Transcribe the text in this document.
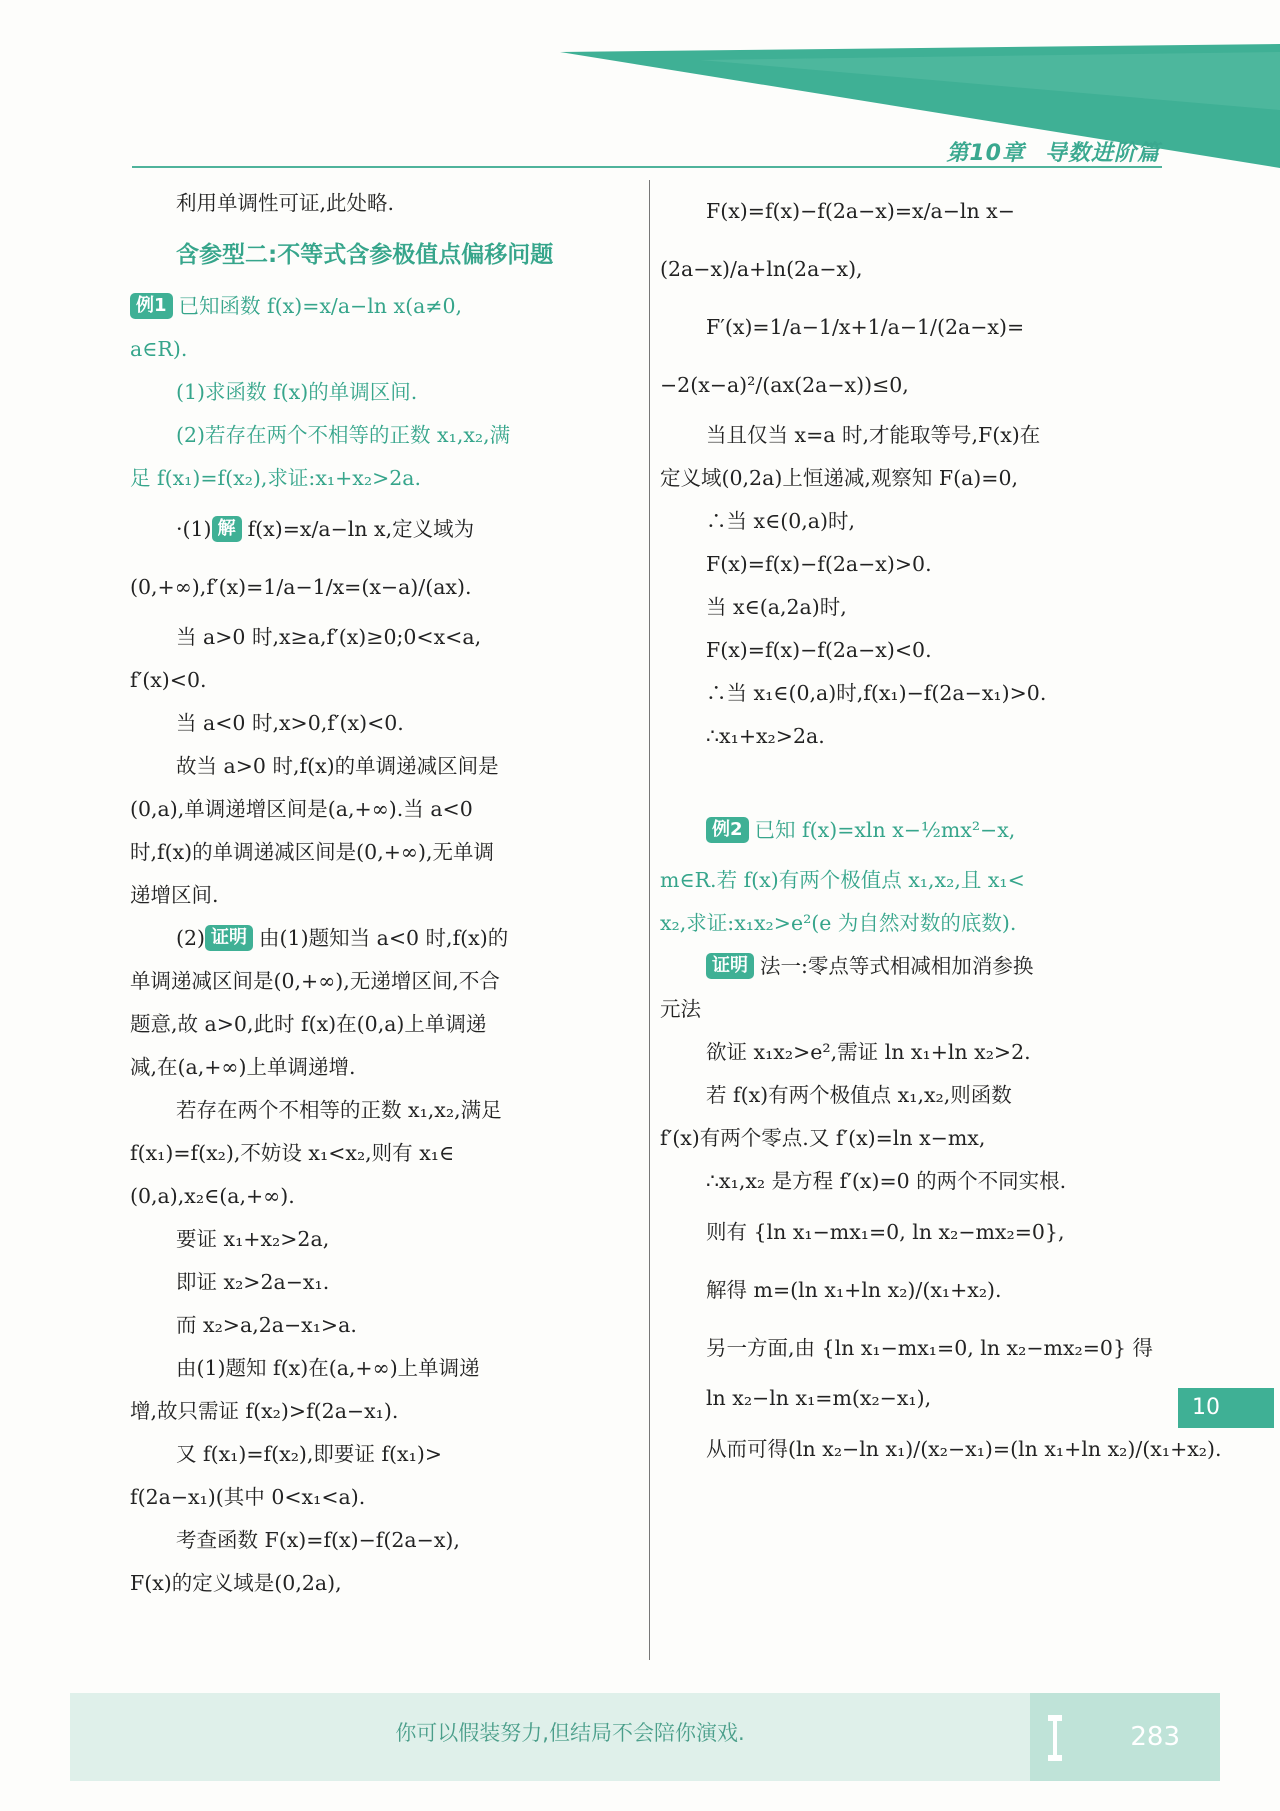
第10章 导数进阶篇
利用单调性可证,此处略.
含参型二:不等式含参极值点偏移问题
例1 已知函数 f(x)=x/a−ln x(a≠0,
a∈R).
(1)求函数 f(x)的单调区间.
(2)若存在两个不相等的正数 x₁,x₂,满
足 f(x₁)=f(x₂),求证:x₁+x₂>2a.
·(1) 解 f(x)=x/a−ln x,定义域为
(0,+∞),f′(x)=1/a−1/x=(x−a)/(ax).
当 a>0 时,x≥a,f′(x)≥0;0<x<a,
f′(x)<0.
当 a<0 时,x>0,f′(x)<0.
故当 a>0 时,f(x)的单调递减区间是
(0,a),单调递增区间是(a,+∞).当 a<0
时,f(x)的单调递减区间是(0,+∞),无单调
递增区间.
(2) 证明 由(1)题知当 a<0 时,f(x)的
单调递减区间是(0,+∞),无递增区间,不合
题意,故 a>0,此时 f(x)在(0,a)上单调递
减,在(a,+∞)上单调递增.
若存在两个不相等的正数 x₁,x₂,满足
f(x₁)=f(x₂),不妨设 x₁<x₂,则有 x₁∈
(0,a),x₂∈(a,+∞).
要证 x₁+x₂>2a,
即证 x₂>2a−x₁.
而 x₂>a,2a−x₁>a.
由(1)题知 f(x)在(a,+∞)上单调递
增,故只需证 f(x₂)>f(2a−x₁).
又 f(x₁)=f(x₂),即要证 f(x₁)>
f(2a−x₁)(其中 0<x₁<a).
考查函数 F(x)=f(x)−f(2a−x),
F(x)的定义域是(0,2a),
F(x)=f(x)−f(2a−x)=x/a−ln x−
(2a−x)/a+ln(2a−x),
F′(x)=1/a−1/x+1/a−1/(2a−x)=
−2(x−a)²/(ax(2a−x))≤0,
当且仅当 x=a 时,才能取等号,F(x)在
定义域(0,2a)上恒递减,观察知 F(a)=0,
∴当 x∈(0,a)时,
F(x)=f(x)−f(2a−x)>0.
当 x∈(a,2a)时,
F(x)=f(x)−f(2a−x)<0.
∴当 x₁∈(0,a)时,f(x₁)−f(2a−x₁)>0.
∴x₁+x₂>2a.
例2 已知 f(x)=xln x−½mx²−x,
m∈R.若 f(x)有两个极值点 x₁,x₂,且 x₁<
x₂,求证:x₁x₂>e²(e 为自然对数的底数).
证明 法一:零点等式相减相加消参换
元法
欲证 x₁x₂>e²,需证 ln x₁+ln x₂>2.
若 f(x)有两个极值点 x₁,x₂,则函数
f′(x)有两个零点.又 f′(x)=ln x−mx,
∴x₁,x₂ 是方程 f′(x)=0 的两个不同实根.
则有 {ln x₁−mx₁=0, ln x₂−mx₂=0},
解得 m=(ln x₁+ln x₂)/(x₁+x₂).
另一方面,由 {ln x₁−mx₁=0, ln x₂−mx₂=0} 得
ln x₂−ln x₁=m(x₂−x₁),
从而可得(ln x₂−ln x₁)/(x₂−x₁)=(ln x₁+ln x₂)/(x₁+x₂).
10
你可以假装努力,但结局不会陪你演戏.	283
